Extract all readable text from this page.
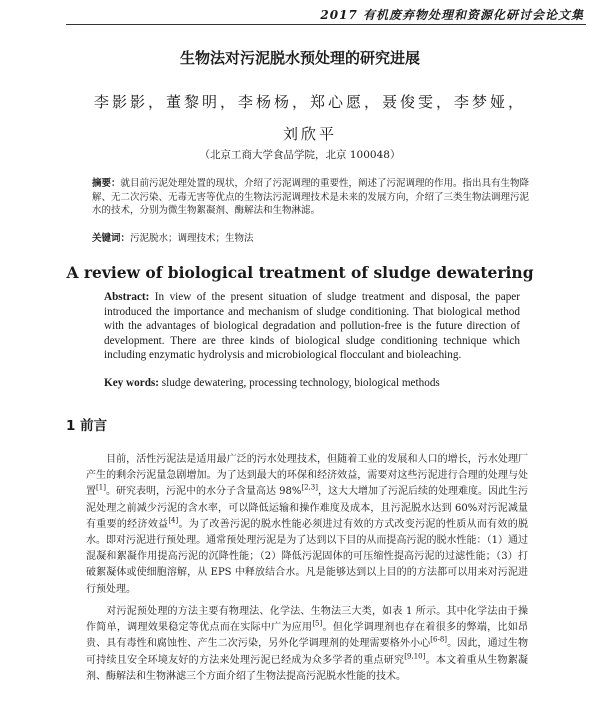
2017 有机废弃物处理和资源化研讨会论文集
生物法对污泥脱水预处理的研究进展
李影影，董黎明，李杨杨，郑心愿，聂俊雯，李梦娅，
刘欣平
（北京工商大学食品学院，北京 100048）
摘要：就目前污泥处理处置的现状，介绍了污泥调理的重要性，阐述了污泥调理的作用。指出具有生物降解、无二次污染、无毒无害等优点的生物法污泥调理技术是未来的发展方向，介绍了三类生物法调理污泥水的技术，分别为微生物絮凝剂、酶解法和生物淋滤。
关键词：污泥脱水；调理技术；生物法
A review of biological treatment of sludge dewatering
Abstract: In view of the present situation of sludge treatment and disposal, the paper introduced the importance and mechanism of sludge conditioning. That biological method with the advantages of biological degradation and pollution-free is the future direction of development. There are three kinds of biological sludge conditioning technique which including enzymatic hydrolysis and microbiological flocculant and bioleaching.
Key words: sludge dewatering, processing technology, biological methods
1 前言
目前，活性污泥法是适用最广泛的污水处理技术，但随着工业的发展和人口的增长，污水处理厂产生的剩余污泥量急剧增加。为了达到最大的环保和经济效益，需要对这些污泥进行合理的处理与处置[1]。研究表明，污泥中的水分子含量高达 98%[2,3]，这大大增加了污泥后续的处理难度。因此生污泥处理之前减少污泥的含水率，可以降低运输和操作难度及成本，且污泥脱水达到 60%对污泥减量有重要的经济效益[4]。为了改善污泥的脱水性能必须进过有效的方式改变污泥的性质从而有效的脱水。即对污泥进行预处理。通常预处理污泥是为了达到以下目的从而提高污泥的脱水性能：（1）通过混凝和絮凝作用提高污泥的沉降性能；（2）降低污泥固体的可压缩性提高污泥的过滤性能；（3）打破絮凝体或使细胞溶解，从 EPS 中释放结合水。凡是能够达到以上目的的方法都可以用来对污泥进行预处理。
对污泥预处理的方法主要有物理法、化学法、生物法三大类，如表 1 所示。其中化学法由于操作简单，调理效果稳定等优点而在实际中广为应用[5]。但化学调理剂也存在着很多的弊端，比如昂贵、具有毒性和腐蚀性、产生二次污染，另外化学调理剂的处理需要格外小心[6-8]。因此，通过生物可持续且安全环境友好的方法来处理污泥已经成为众多学者的重点研究[9,10]。本文着重从生物絮凝剂、酶解法和生物淋滤三个方面介绍了生物法提高污泥脱水性能的技术。
